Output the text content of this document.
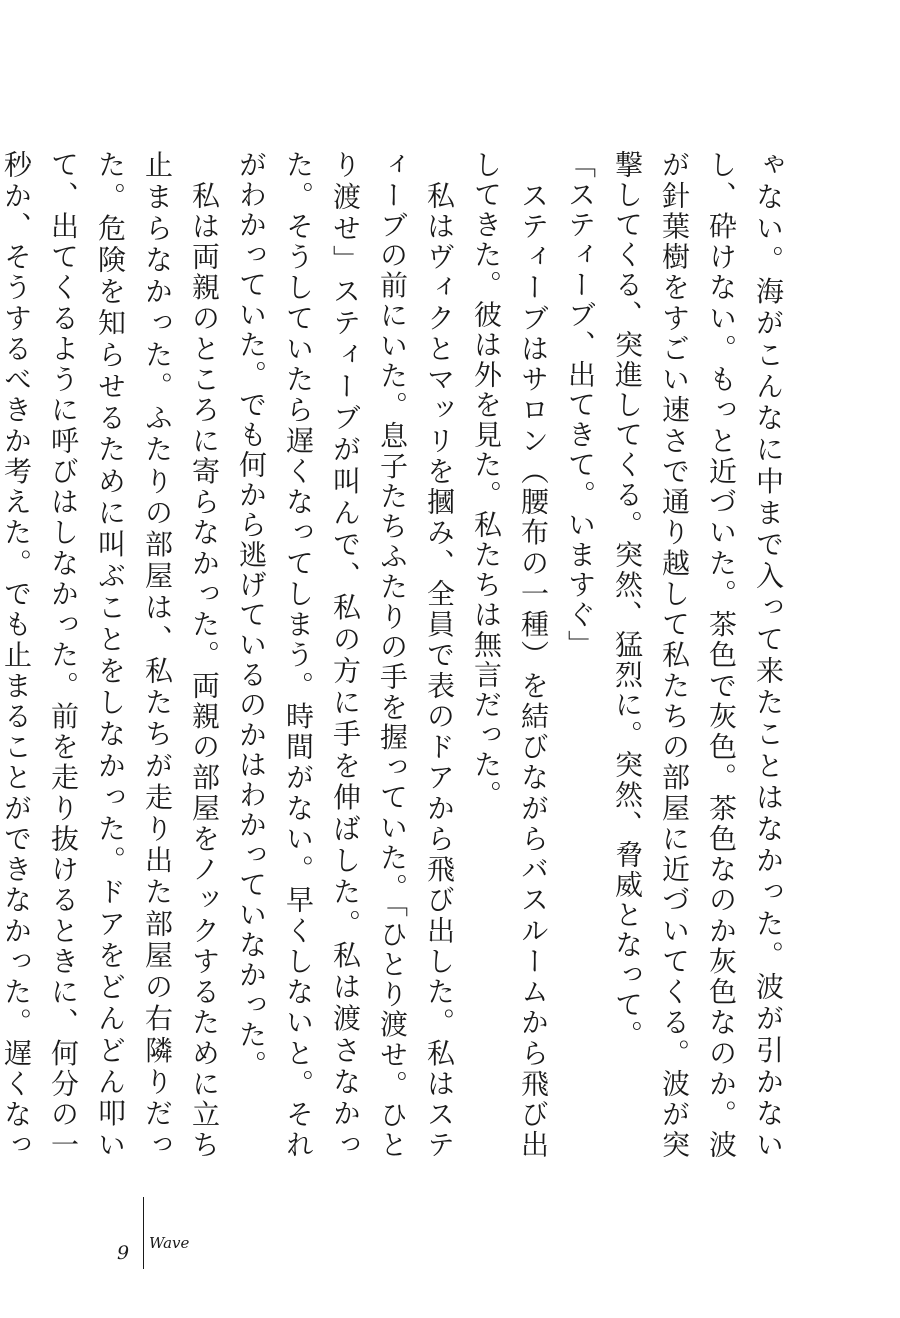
ゃない。海がこんなに中まで入って来たことはなかった。波が引かないし、砕けない。もっと近づいた。茶色で灰色。茶色なのか灰色なのか。波が針葉樹をすごい速さで通り越して私たちの部屋に近づいてくる。波が突撃してくる、突進してくる。突然、猛烈に。突然、脅威となって。

「スティーブ、出てきて。いますぐ」

　スティーブはサロン（腰布の一種）を結びながらバスルームから飛び出してきた。彼は外を見た。私たちは無言だった。

　私はヴィクとマッリを摑み、全員で表のドアから飛び出した。私はスティーブの前にいた。息子たちふたりの手を握っていた。「ひとり渡せ。ひとり渡せ」スティーブが叫んで、私の方に手を伸ばした。私は渡さなかった。そうしていたら遅くなってしまう。時間がない。早くしないと。それがわかっていた。でも何から逃げているのかはわかっていなかった。

　私は両親のところに寄らなかった。両親の部屋をノックするために立ち止まらなかった。ふたりの部屋は、私たちが走り出た部屋の右隣りだった。危険を知らせるために叫ぶことをしなかった。ドアをどんどん叩いて、出てくるように呼びはしなかった。前を走り抜けるときに、何分の一秒か、そうするべきか考えた。でも止まることができなかった。遅くなっ

9 Wave
